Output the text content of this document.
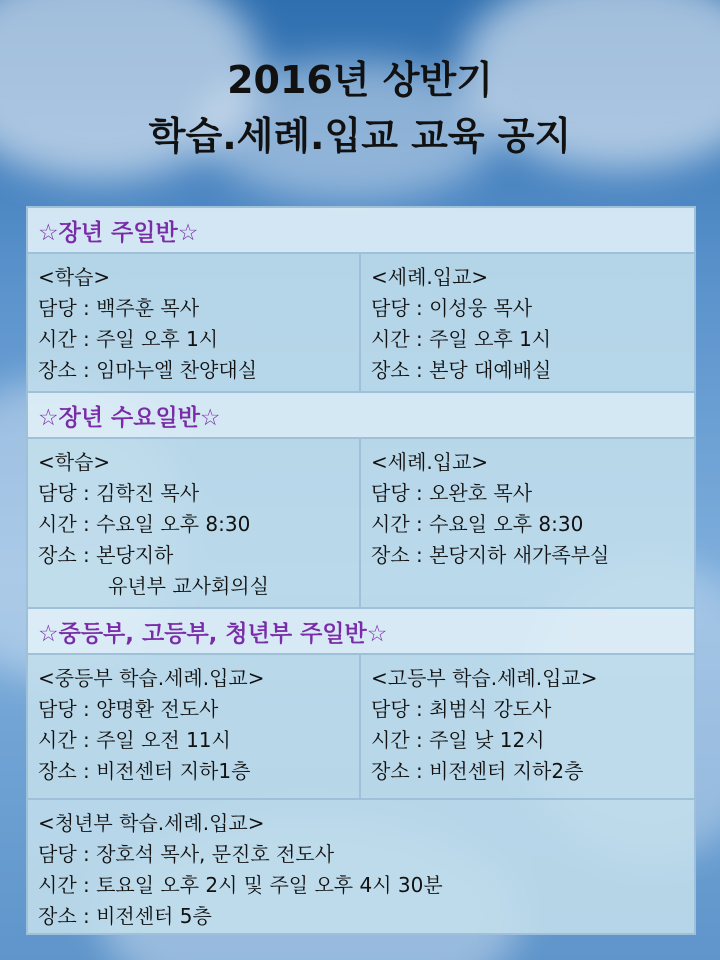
2016년 상반기
학습.세례.입교 교육 공지
☆장년 주일반☆
<학습>
담당 : 백주훈 목사
시간 : 주일 오후 1시
장소 : 임마누엘 찬양대실
<세례.입교>
담당 : 이성웅 목사
시간 : 주일 오후 1시
장소 : 본당 대예배실
☆장년 수요일반☆
<학습>
담당 : 김학진 목사
시간 : 수요일 오후 8:30
장소 : 본당지하
유년부 교사회의실
<세례.입교>
담당 : 오완호 목사
시간 : 수요일 오후 8:30
장소 : 본당지하 새가족부실
☆중등부, 고등부, 청년부 주일반☆
<중등부 학습.세례.입교>
담당 : 양명환 전도사
시간 : 주일 오전 11시
장소 : 비전센터 지하1층
<고등부 학습.세례.입교>
담당 : 최범식 강도사
시간 : 주일 낮 12시
장소 : 비전센터 지하2층
<청년부 학습.세례.입교>
담당 : 장호석 목사, 문진호 전도사
시간 : 토요일 오후 2시 및 주일 오후 4시 30분
장소 : 비전센터 5층
